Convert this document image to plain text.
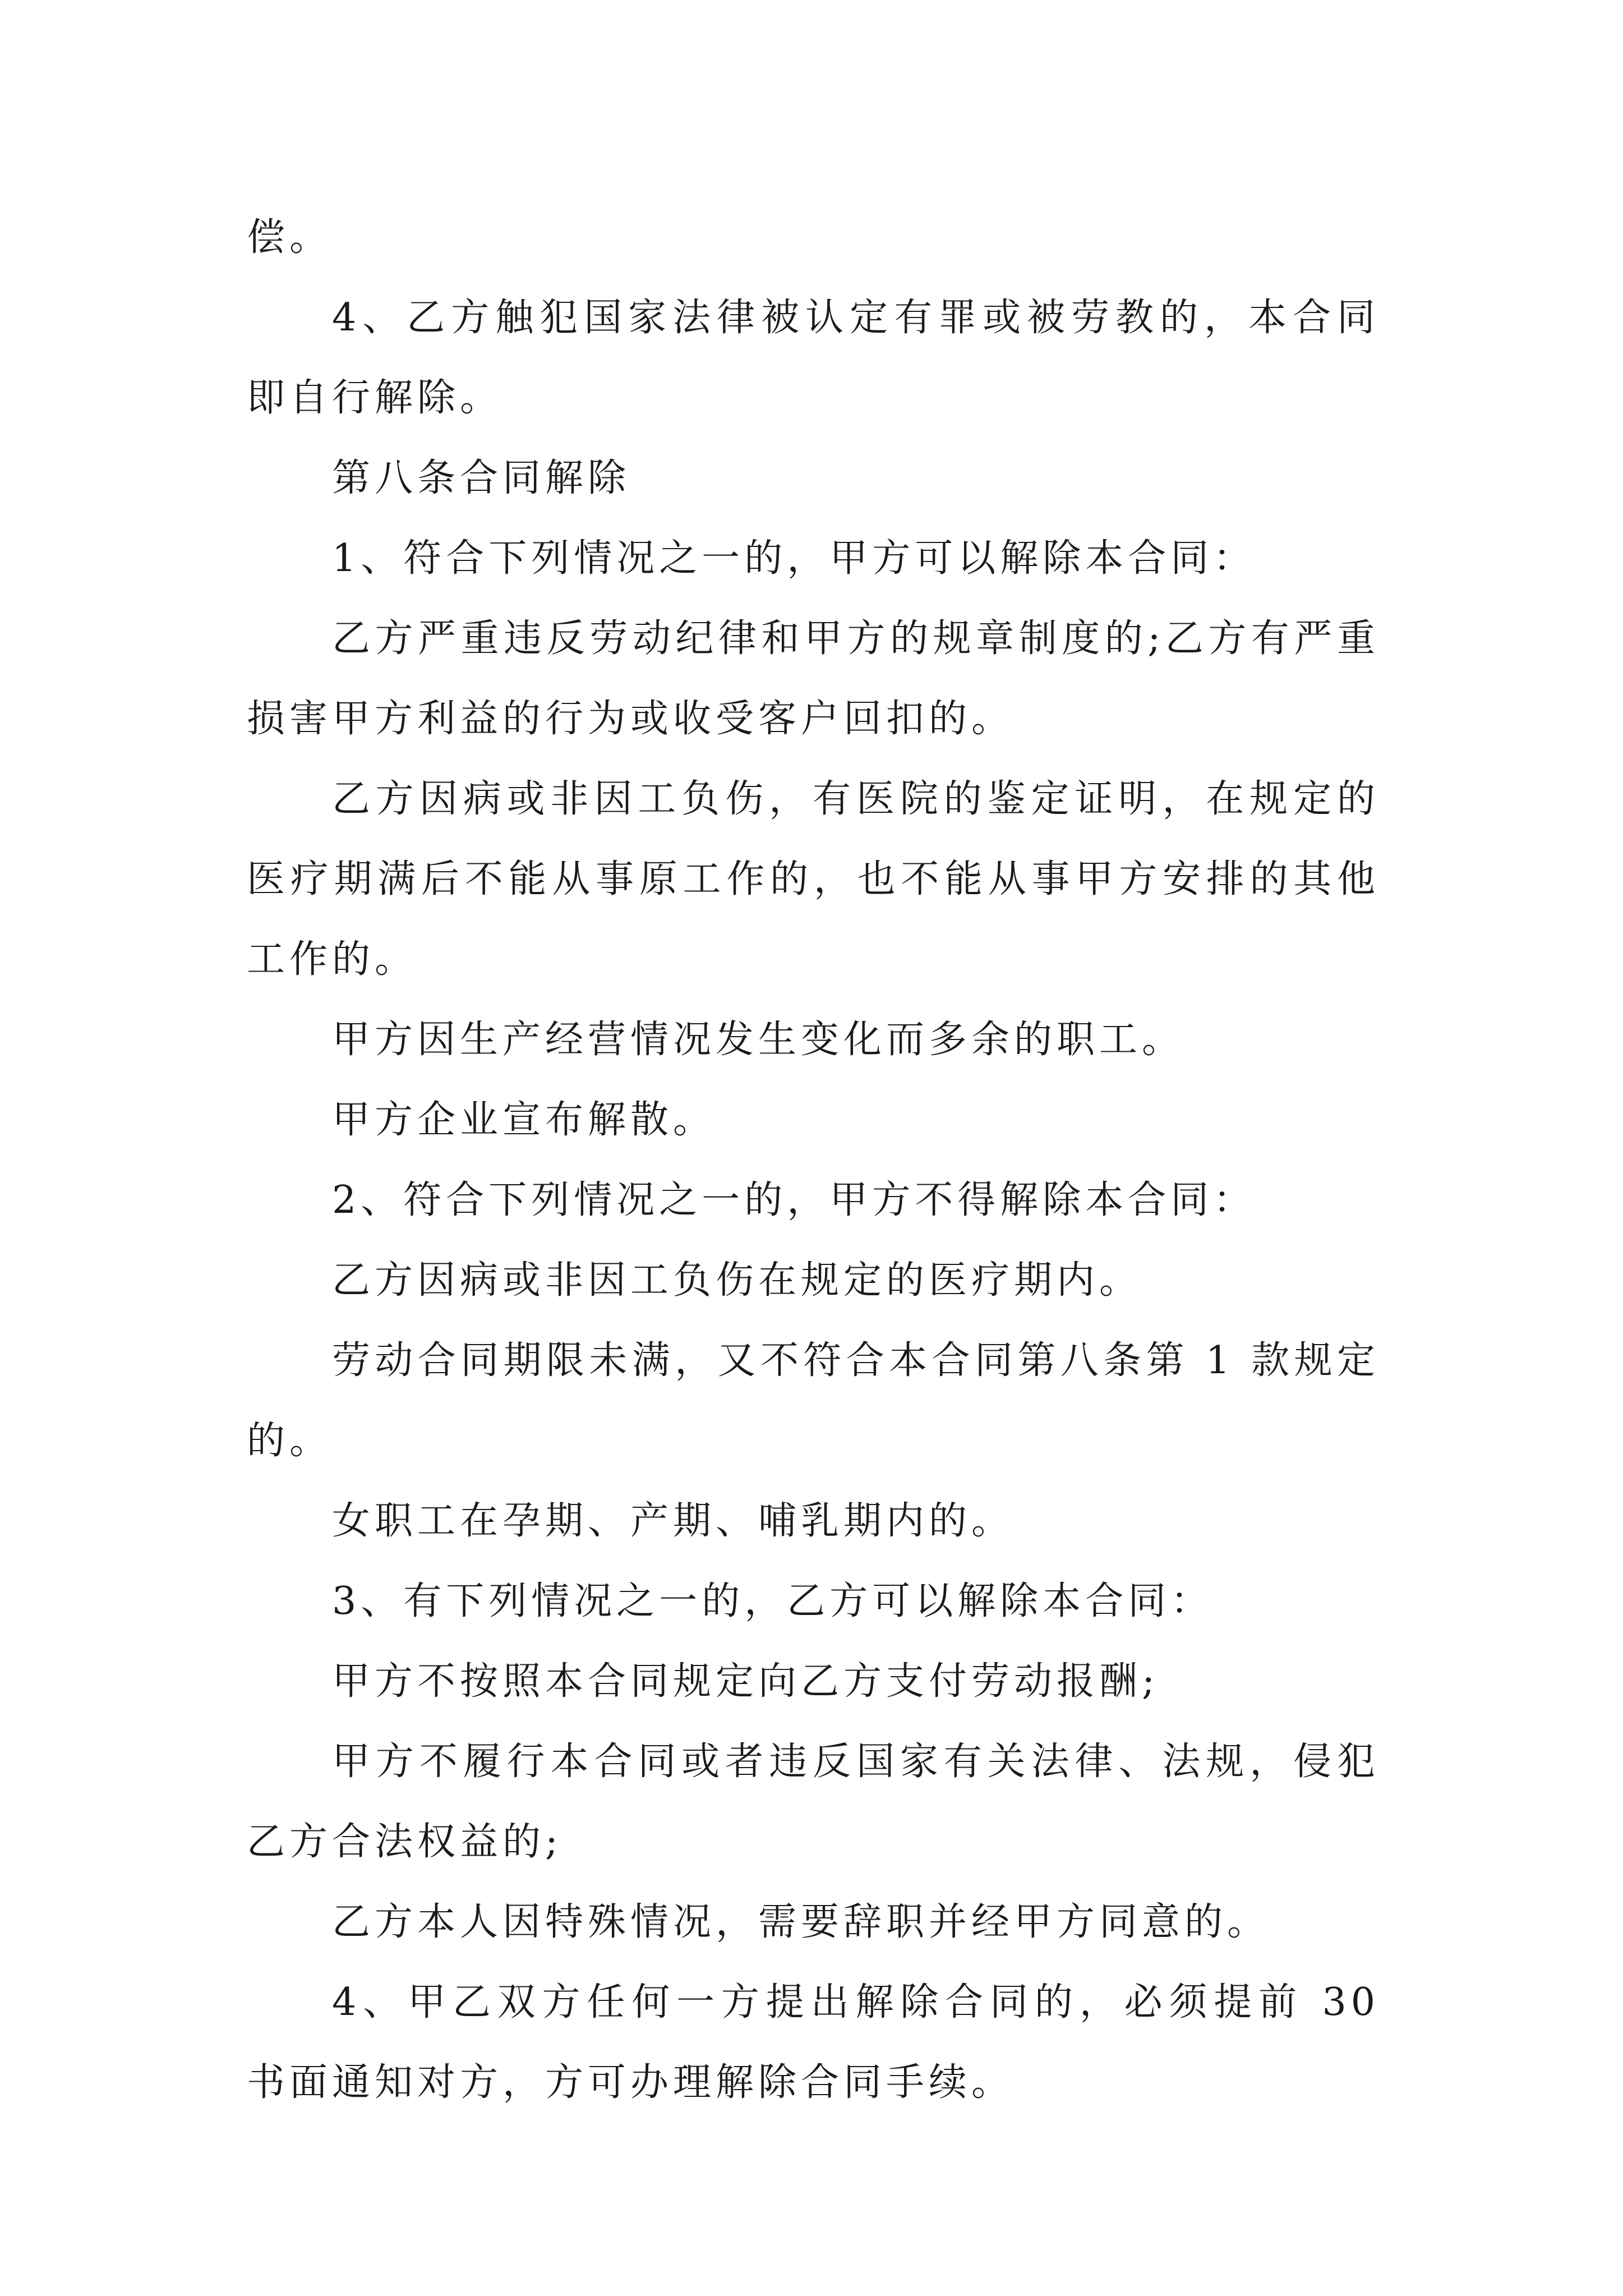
偿。

4、乙方触犯国家法律被认定有罪或被劳教的，本合同即自行解除。

第八条合同解除

1、符合下列情况之一的，甲方可以解除本合同：

乙方严重违反劳动纪律和甲方的规章制度的;乙方有严重损害甲方利益的行为或收受客户回扣的。

乙方因病或非因工负伤，有医院的鉴定证明，在规定的医疗期满后不能从事原工作的，也不能从事甲方安排的其他工作的。

甲方因生产经营情况发生变化而多余的职工。

甲方企业宣布解散。

2、符合下列情况之一的，甲方不得解除本合同：

乙方因病或非因工负伤在规定的医疗期内。

劳动合同期限未满，又不符合本合同第八条第 1 款规定的。

女职工在孕期、产期、哺乳期内的。

3、有下列情况之一的，乙方可以解除本合同：

甲方不按照本合同规定向乙方支付劳动报酬;

甲方不履行本合同或者违反国家有关法律、法规，侵犯乙方合法权益的;

乙方本人因特殊情况，需要辞职并经甲方同意的。

4、甲乙双方任何一方提出解除合同的，必须提前 30 书面通知对方，方可办理解除合同手续。
